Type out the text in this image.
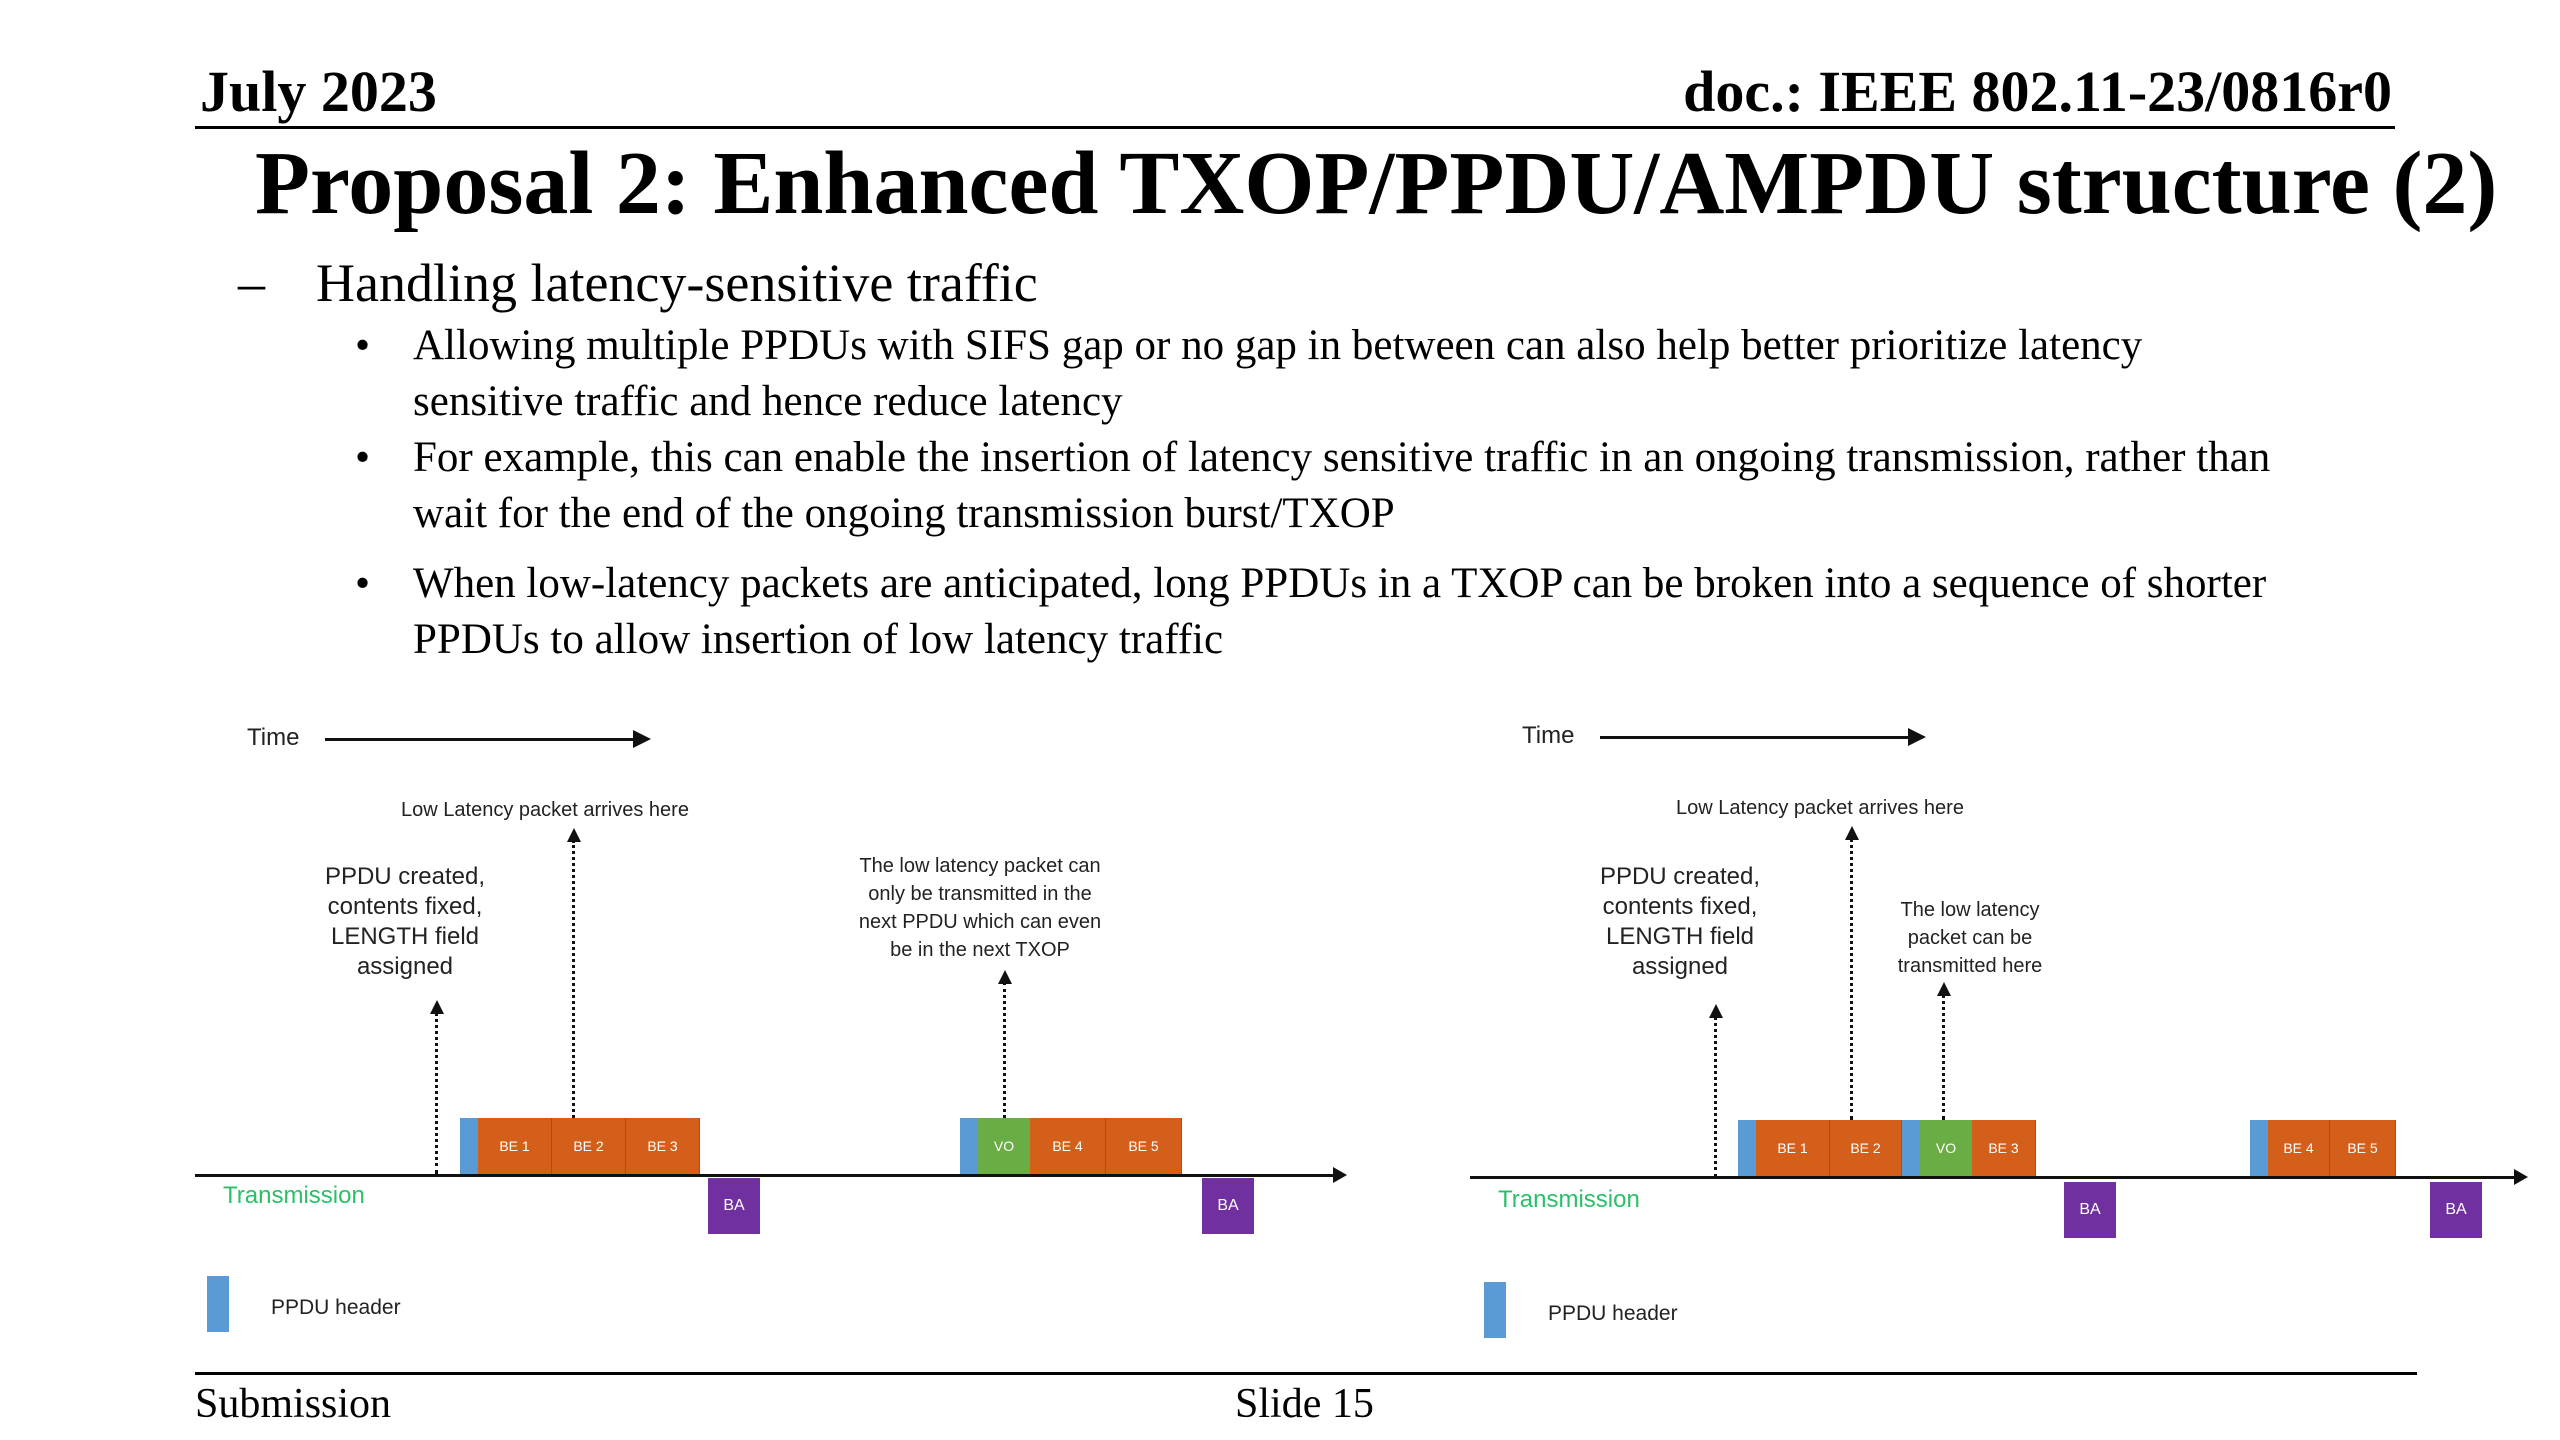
July 2023	doc.: IEEE 802.11-23/0816r0
Proposal 2: Enhanced TXOP/PPDU/AMPDU structure (2)
– Handling latency-sensitive traffic
• Allowing multiple PPDUs with SIFS gap or no gap in between can also help better prioritize latency
sensitive traffic and hence reduce latency
• For example, this can enable the insertion of latency sensitive traffic in an ongoing transmission, rather than
wait for the end of the ongoing transmission burst/TXOP
• When low-latency packets are anticipated, long PPDUs in a TXOP can be broken into a sequence of shorter
PPDUs to allow insertion of low latency traffic
Time
Low Latency packet arrives here
PPDU created,
contents fixed,
LENGTH field
assigned
The low latency packet can
only be transmitted in the
next PPDU which can even
be in the next TXOP
BE 1	BE 2	BE 3	VO	BE 4	BE 5
Transmission	BA	BA
PPDU header
Time
Low Latency packet arrives here
PPDU created,
contents fixed,
LENGTH field
assigned
The low latency
packet can be
transmitted here
BE 1	BE 2	VO	BE 3	BE 4	BE 5
Transmission	BA	BA
PPDU header
Submission	Slide 15
